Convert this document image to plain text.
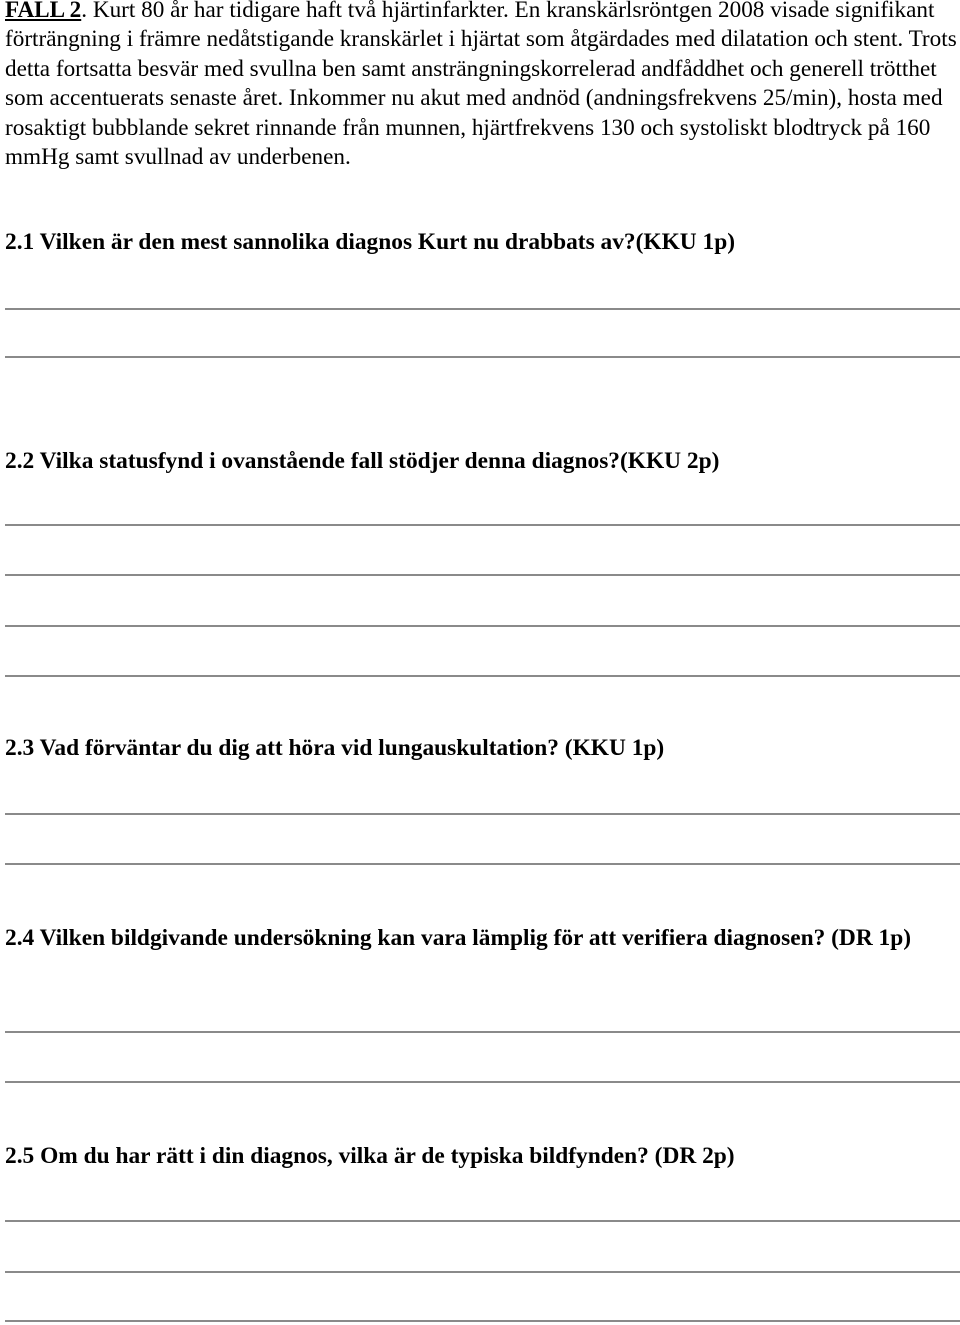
FALL 2. Kurt 80 år har tidigare haft två hjärtinfarkter. En kranskärlsröntgen 2008 visade signifikant förträngning i främre nedåtstigande kranskärlet i hjärtat som åtgärdades med dilatation och stent. Trots detta fortsatta besvär med svullna ben samt ansträngningskorrelerad andfåddhet och generell trötthet som accentuerats senaste året. Inkommer nu akut med andnöd (andningsfrekvens 25/min), hosta med rosaktigt bubblande sekret rinnande från munnen, hjärtfrekvens 130 och systoliskt blodtryck på 160 mmHg samt svullnad av underbenen.

2.1 Vilken är den mest sannolika diagnos Kurt nu drabbats av?(KKU 1p)

2.2 Vilka statusfynd i ovanstående fall stödjer denna diagnos?(KKU 2p)

2.3 Vad förväntar du dig att höra vid lungauskultation? (KKU 1p)

2.4 Vilken bildgivande undersökning kan vara lämplig för att verifiera diagnosen? (DR 1p)

2.5 Om du har rätt i din diagnos, vilka är de typiska bildfynden? (DR 2p)
